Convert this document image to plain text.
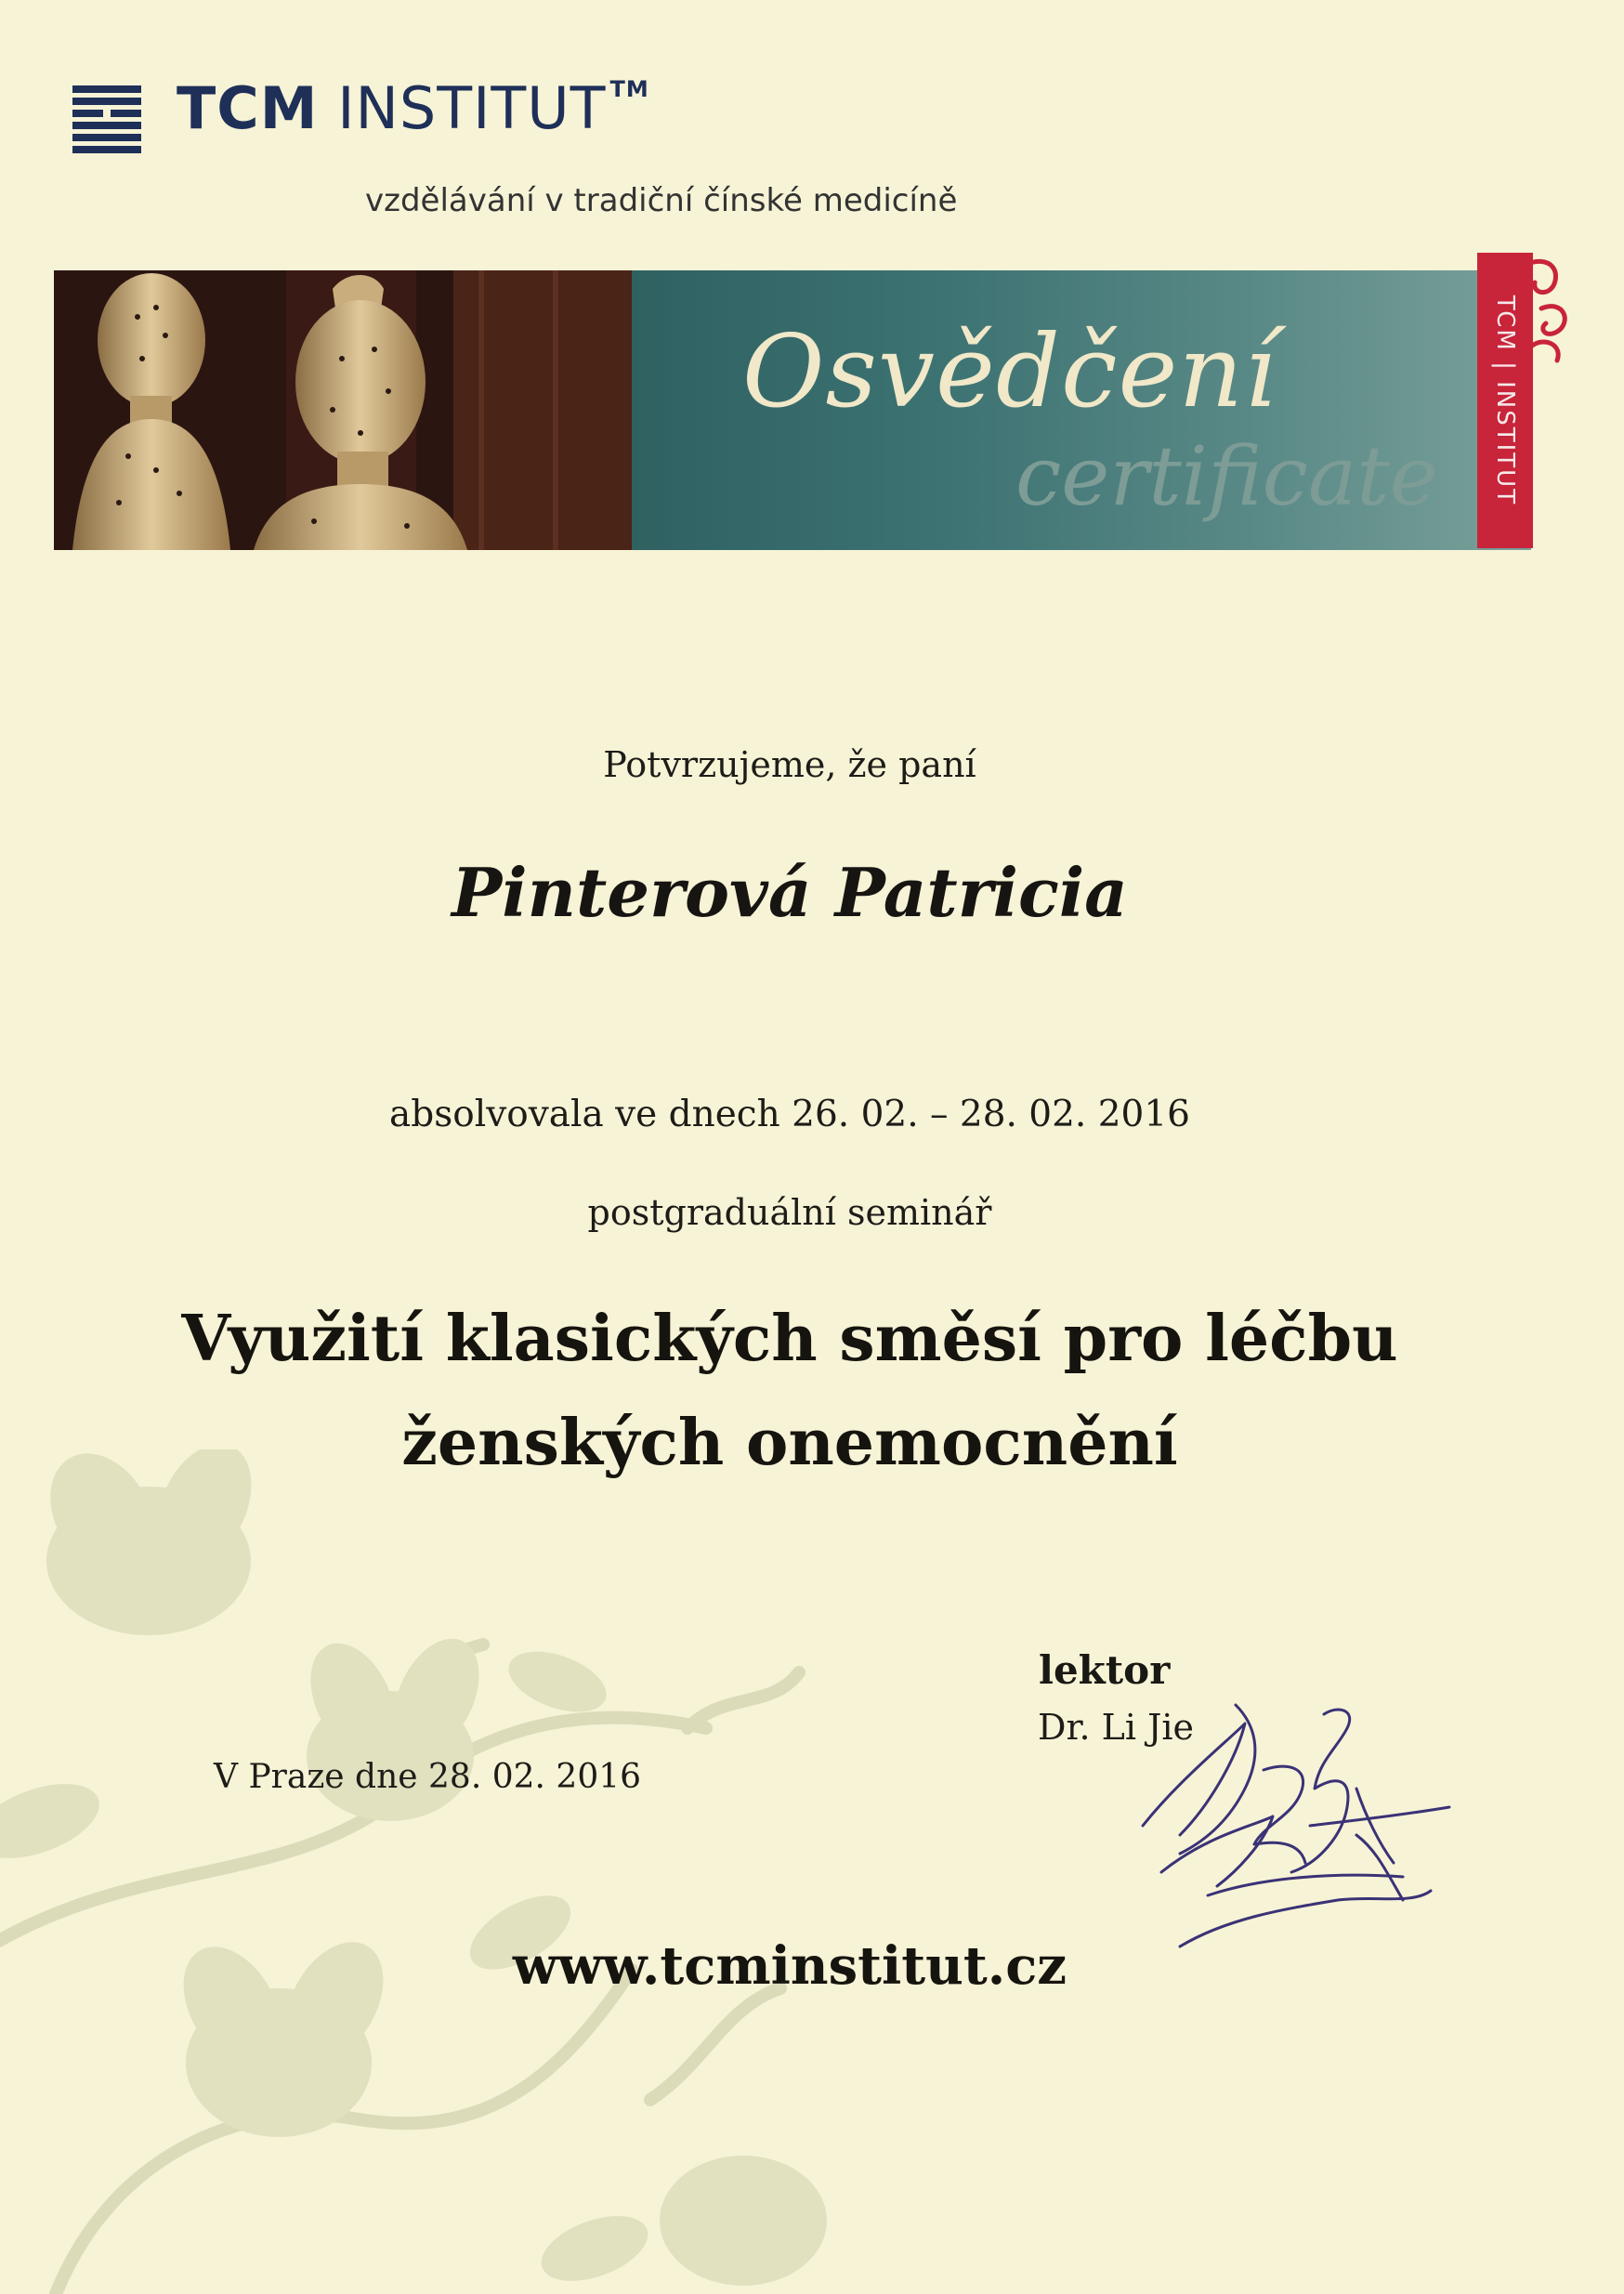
TCM INSTITUT ™
vzdělávání v tradiční čínské medicíně
Osvědčení
certificate TCM | INSTITUT
Potvrzujeme, že paní
Pinterová Patricia
absolvovala ve dnech 26. 02. – 28. 02. 2016
postgraduální seminář
Využití klasických směsí pro léčbu
ženských onemocnění
lektor
Dr. Li Jie
V Praze dne 28. 02. 2016
www.tcminstitut.cz
